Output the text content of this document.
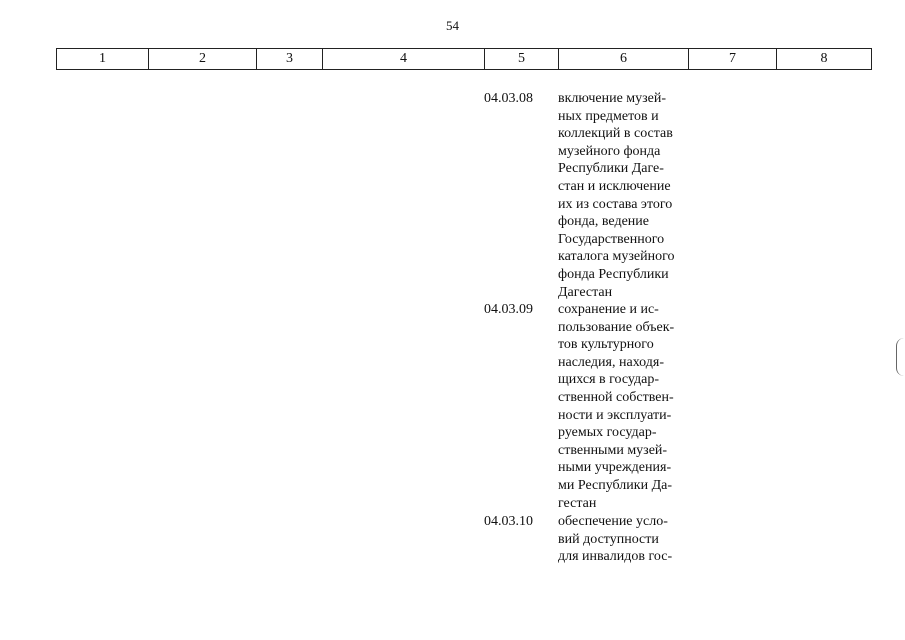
54
1	2	3	4	5	6	7	8
04.03.08	включение музей-
ных предметов и
коллекций в состав
музейного фонда
Республики Даге-
стан и исключение
их из состава этого
фонда, ведение
Государственного
каталога музейного
фонда Республики
Дагестан
04.03.09	сохранение и ис-
пользование объек-
тов культурного
наследия, находя-
щихся в государ-
ственной собствен-
ности и эксплуати-
руемых государ-
ственными музей-
ными учреждения-
ми Республики Да-
гестан
04.03.10	обеспечение усло-
вий доступности
для инвалидов гос-
